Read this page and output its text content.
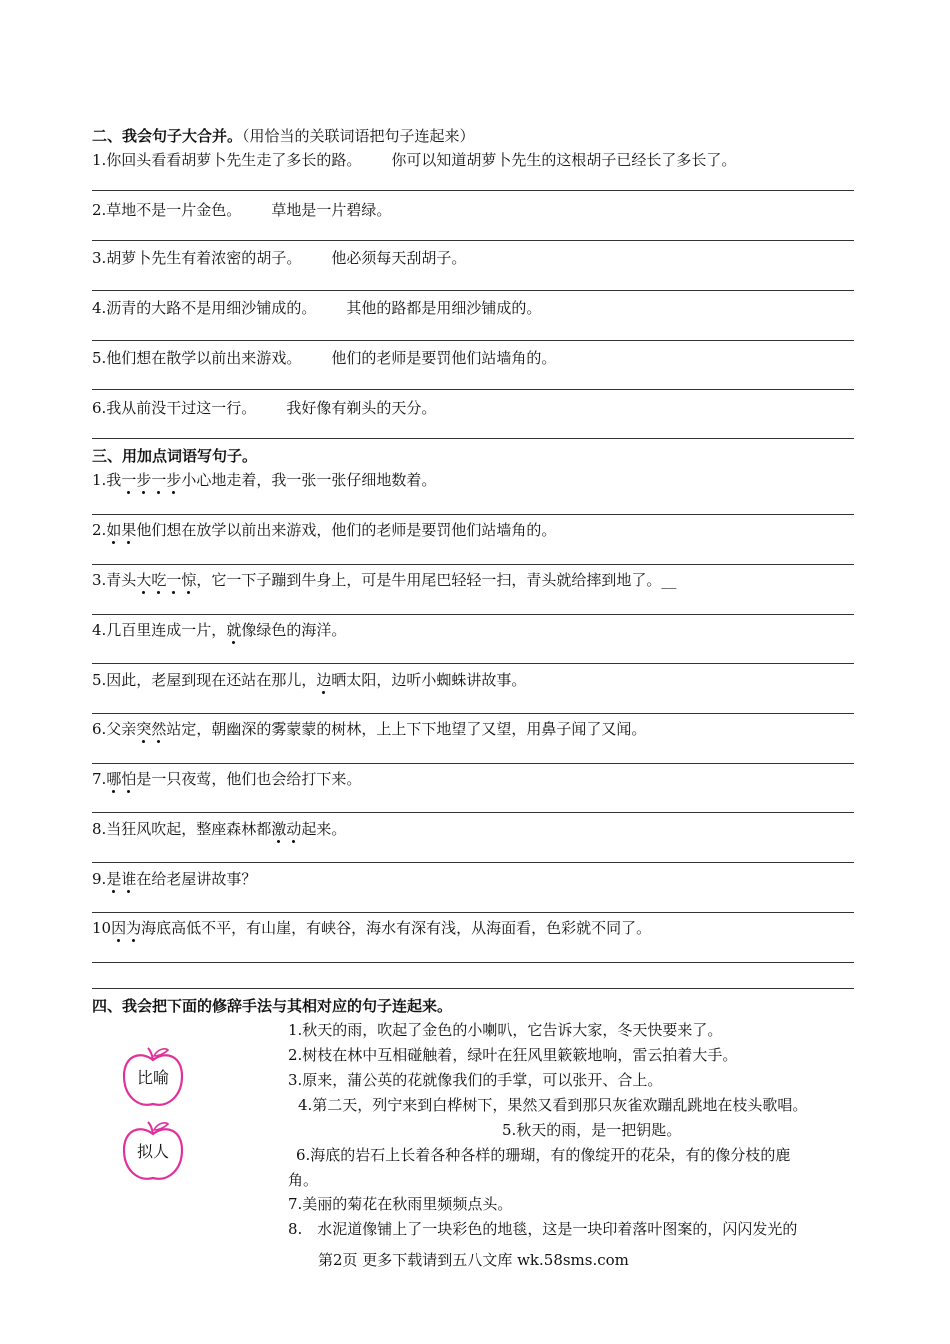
二、我会句子大合并。（用恰当的关联词语把句子连起来）
1.你回头看看胡萝卜先生走了多长的路。 你可以知道胡萝卜先生的这根胡子已经长了多长了。
2.草地不是一片金色。 草地是一片碧绿。
3.胡萝卜先生有着浓密的胡子。 他必须每天刮胡子。
4.沥青的大路不是用细沙铺成的。 其他的路都是用细沙铺成的。
5.他们想在散学以前出来游戏。 他们的老师是要罚他们站墙角的。
6.我从前没干过这一行。 我好像有剃头的天分。
三、用加点词语写句子。
1.我一步一步小心地走着，我一张一张仔细地数着。
2.如果他们想在放学以前出来游戏，他们的老师是要罚他们站墙角的。
3.青头大吃一惊，它一下子蹦到牛身上，可是牛用尾巴轻轻一扫，青头就给摔到地了。__
4.几百里连成一片，就像绿色的海洋。
5.因此，老屋到现在还站在那儿，边晒太阳，边听小蜘蛛讲故事。
6.父亲突然站定，朝幽深的雾蒙蒙的树林，上上下下地望了又望，用鼻子闻了又闻。
7.哪怕是一只夜莺，他们也会给打下来。
8.当狂风吹起，整座森林都激动起来。
9.是谁在给老屋讲故事？
10因为海底高低不平，有山崖，有峡谷，海水有深有浅，从海面看，色彩就不同了。
四、我会把下面的修辞手法与其相对应的句子连起来。
比喻
拟人
1.秋天的雨，吹起了金色的小喇叭，它告诉大家，冬天快要来了。
2.树枝在林中互相碰触着，绿叶在狂风里簌簌地响，雷云拍着大手。
3.原来，蒲公英的花就像我们的手掌，可以张开、合上。
4.第二天，列宁来到白桦树下，果然又看到那只灰雀欢蹦乱跳地在枝头歌唱。
5.秋天的雨，是一把钥匙。
6.海底的岩石上长着各种各样的珊瑚，有的像绽开的花朵，有的像分枝的鹿
角。
7.美丽的菊花在秋雨里频频点头。
8.　水泥道像铺上了一块彩色的地毯，这是一块印着落叶图案的，闪闪发光的
第2页 更多下载请到五八文库 wk.58sms.com
